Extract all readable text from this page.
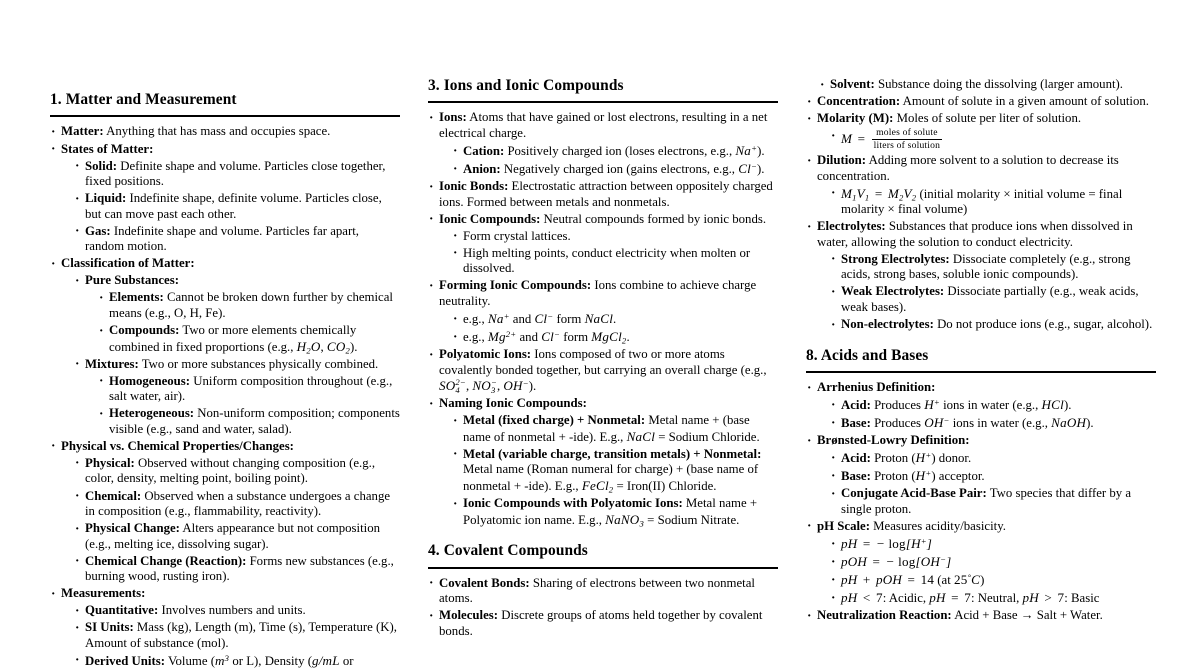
1. Matter and Measurement
· Matter: Anything that has mass and occupies space.
· States of Matter:
· Solid: Definite shape and volume. Particles close together, fixed positions.
· Liquid: Indefinite shape, definite volume. Particles close, but can move past each other.
· Gas: Indefinite shape and volume. Particles far apart, random motion.
· Classification of Matter:
· Pure Substances:
· Elements: Cannot be broken down further by chemical means (e.g., O, H, Fe).
· Compounds: Two or more elements chemically combined in fixed proportions (e.g., $H_2O$, $CO_2$).
· Mixtures: Two or more substances physically combined.
· Homogeneous: Uniform composition throughout (e.g., salt water, air).
· Heterogeneous: Non-uniform composition; components visible (e.g., sand and water, salad).
· Physical vs. Chemical Properties/Changes:
· Physical: Observed without changing composition (e.g., color, density, melting point, boiling point).
· Chemical: Observed when a substance undergoes a change in composition (e.g., flammability, reactivity).
· Physical Change: Alters appearance but not composition (e.g., melting ice, dissolving sugar).
· Chemical Change (Reaction): Forms new substances (e.g., burning wood, rusting iron).
· Measurements:
· Quantitative: Involves numbers and units.
· SI Units: Mass (kg), Length (m), Time (s), Temperature (K), Amount of substance (mol).
· Derived Units: Volume ($m^3$ or L), Density (g/mL or
3. Ions and Ionic Compounds
· Ions: Atoms that have gained or lost electrons, resulting in a net electrical charge.
· Cation: Positively charged ion (loses electrons, e.g., Na+).
· Anion: Negatively charged ion (gains electrons, e.g., Cl−).
· Ionic Bonds: Electrostatic attraction between oppositely charged ions. Formed between metals and nonmetals.
· Ionic Compounds: Neutral compounds formed by ionic bonds.
· Form crystal lattices.
· High melting points, conduct electricity when molten or dissolved.
· Forming Ionic Compounds: Ions combine to achieve charge neutrality.
· e.g., Na+ and Cl− form NaCl.
· e.g., $Mg^{2+}$ and Cl− form MgCl$_2$.
· Polyatomic Ions: Ions composed of two or more atoms covalently bonded together, but carrying an overall charge (e.g., SO 2−
4 , NO −
3 , OH−).
· Naming Ionic Compounds:
· Metal (fixed charge) + Nonmetal: Metal name + (base name of nonmetal + -ide). E.g., NaCl = Sodium Chloride.
· Metal (variable charge, transition metals) + Nonmetal: Metal name (Roman numeral for charge) + (base name of nonmetal + -ide). E.g., FeCl$_2$ = Iron(II) Chloride.
· Ionic Compounds with Polyatomic Ions: Metal name + Polyatomic ion name. E.g., NaNO$_3$ = Sodium Nitrate.
4. Covalent Compounds
· Covalent Bonds: Sharing of electrons between two nonmetal atoms.
· Molecules: Discrete groups of atoms held together by covalent bonds.
· Solvent: Substance doing the dissolving (larger amount).
· Concentration: Amount of solute in a given amount of solution.
· Molarity (M): Moles of solute per liter of solution.
· $M = \frac{\text{moles of solute}}{\text{liters of solution}}$
· Dilution: Adding more solvent to a solution to decrease its concentration.
· $M_1V_1 = M_2V_2$ (initial molarity × initial volume = final molarity × final volume)
· Electrolytes: Substances that produce ions when dissolved in water, allowing the solution to conduct electricity.
· Strong Electrolytes: Dissociate completely (e.g., strong acids, strong bases, soluble ionic compounds).
· Weak Electrolytes: Dissociate partially (e.g., weak acids, weak bases).
· Non-electrolytes: Do not produce ions (e.g., sugar, alcohol).
8. Acids and Bases
· Arrhenius Definition:
· Acid: Produces H+ ions in water (e.g., HCl).
· Base: Produces OH− ions in water (e.g., NaOH).
· Brønsted-Lowry Definition:
· Acid: Proton (H+) donor.
· Base: Proton (H+) acceptor.
· Conjugate Acid-Base Pair: Two species that differ by a single proton.
· pH Scale: Measures acidity/basicity.
· pH = − log[H+]
· pOH = − log[OH−]
· pH + pOH = 14 (at 25°C)
· pH < 7: Acidic, pH = 7: Neutral, pH > 7: Basic
· Neutralization Reaction: Acid + Base → Salt + Water.
